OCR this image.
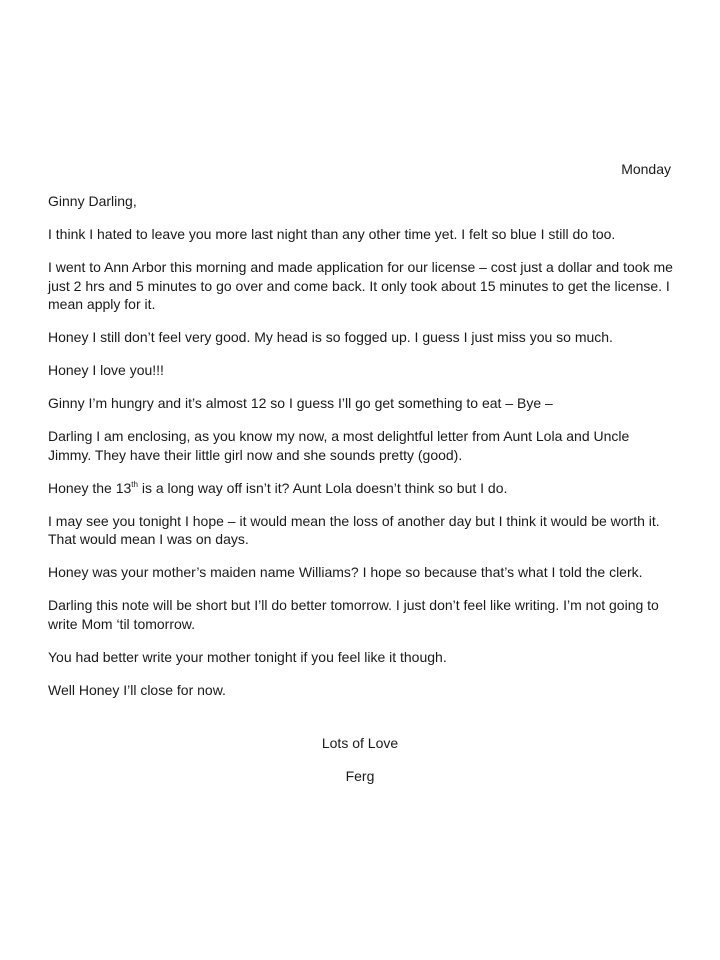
Monday

Ginny Darling,

I think I hated to leave you more last night than any other time yet. I felt so blue I still do too.

I went to Ann Arbor this morning and made application for our license – cost just a dollar and took me just 2 hrs and 5 minutes to go over and come back. It only took about 15 minutes to get the license. I mean apply for it.

Honey I still don’t feel very good. My head is so fogged up. I guess I just miss you so much.

Honey I love you!!!

Ginny I’m hungry and it’s almost 12 so I guess I’ll go get something to eat – Bye –

Darling I am enclosing, as you know my now, a most delightful letter from Aunt Lola and Uncle Jimmy. They have their little girl now and she sounds pretty (good).

Honey the 13th is a long way off isn’t it? Aunt Lola doesn’t think so but I do.

I may see you tonight I hope – it would mean the loss of another day but I think it would be worth it. That would mean I was on days.

Honey was your mother’s maiden name Williams? I hope so because that’s what I told the clerk.

Darling this note will be short but I’ll do better tomorrow. I just don’t feel like writing. I’m not going to write Mom ‘til tomorrow.

You had better write your mother tonight if you feel like it though.

Well Honey I’ll close for now.

Lots of Love
Ferg
